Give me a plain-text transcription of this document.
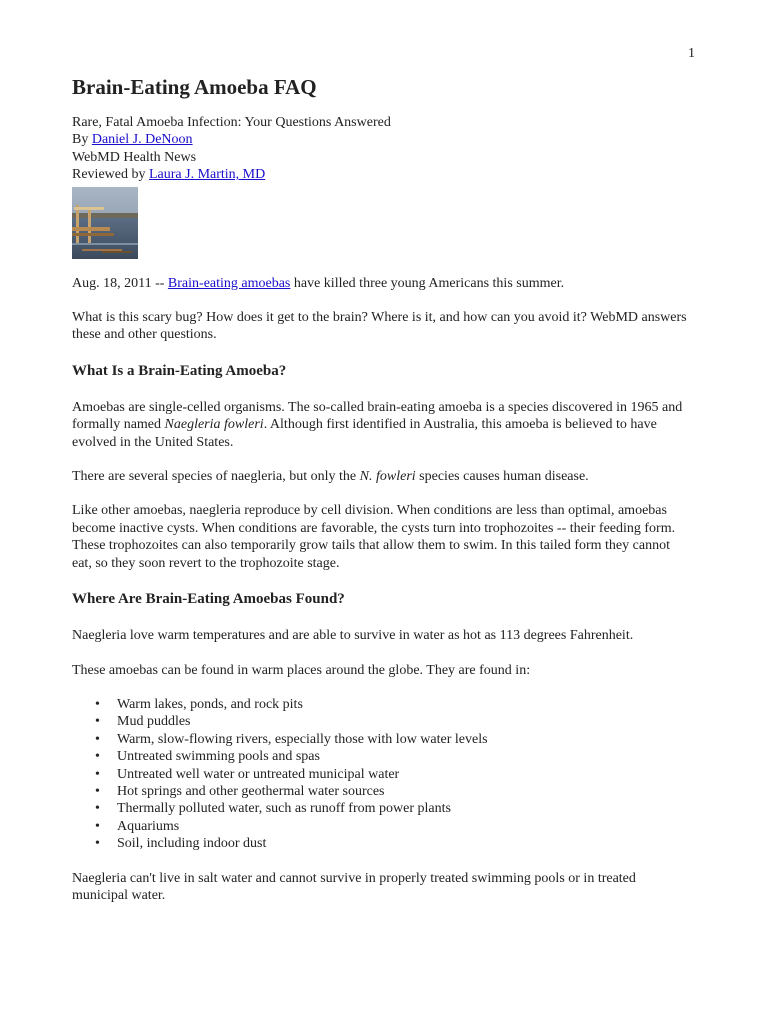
1
Brain-Eating Amoeba FAQ
Rare, Fatal Amoeba Infection: Your Questions Answered
By Daniel J. DeNoon
WebMD Health News
Reviewed by Laura J. Martin, MD

Aug. 18, 2011 -- Brain-eating amoebas have killed three young Americans this summer.

What is this scary bug? How does it get to the brain? Where is it, and how can you avoid it? WebMD answers these and other questions.

What Is a Brain-Eating Amoeba?

Amoebas are single-celled organisms. The so-called brain-eating amoeba is a species discovered in 1965 and formally named Naegleria fowleri. Although first identified in Australia, this amoeba is believed to have evolved in the United States.

There are several species of naegleria, but only the N. fowleri species causes human disease.

Like other amoebas, naegleria reproduce by cell division. When conditions are less than optimal, amoebas become inactive cysts. When conditions are favorable, the cysts turn into trophozoites -- their feeding form. These trophozoites can also temporarily grow tails that allow them to swim. In this tailed form they cannot eat, so they soon revert to the trophozoite stage.

Where Are Brain-Eating Amoebas Found?

Naegleria love warm temperatures and are able to survive in water as hot as 113 degrees Fahrenheit.

These amoebas can be found in warm places around the globe. They are found in:

• Warm lakes, ponds, and rock pits
• Mud puddles
• Warm, slow-flowing rivers, especially those with low water levels
• Untreated swimming pools and spas
• Untreated well water or untreated municipal water
• Hot springs and other geothermal water sources
• Thermally polluted water, such as runoff from power plants
• Aquariums
• Soil, including indoor dust

Naegleria can't live in salt water and cannot survive in properly treated swimming pools or in treated municipal water.
